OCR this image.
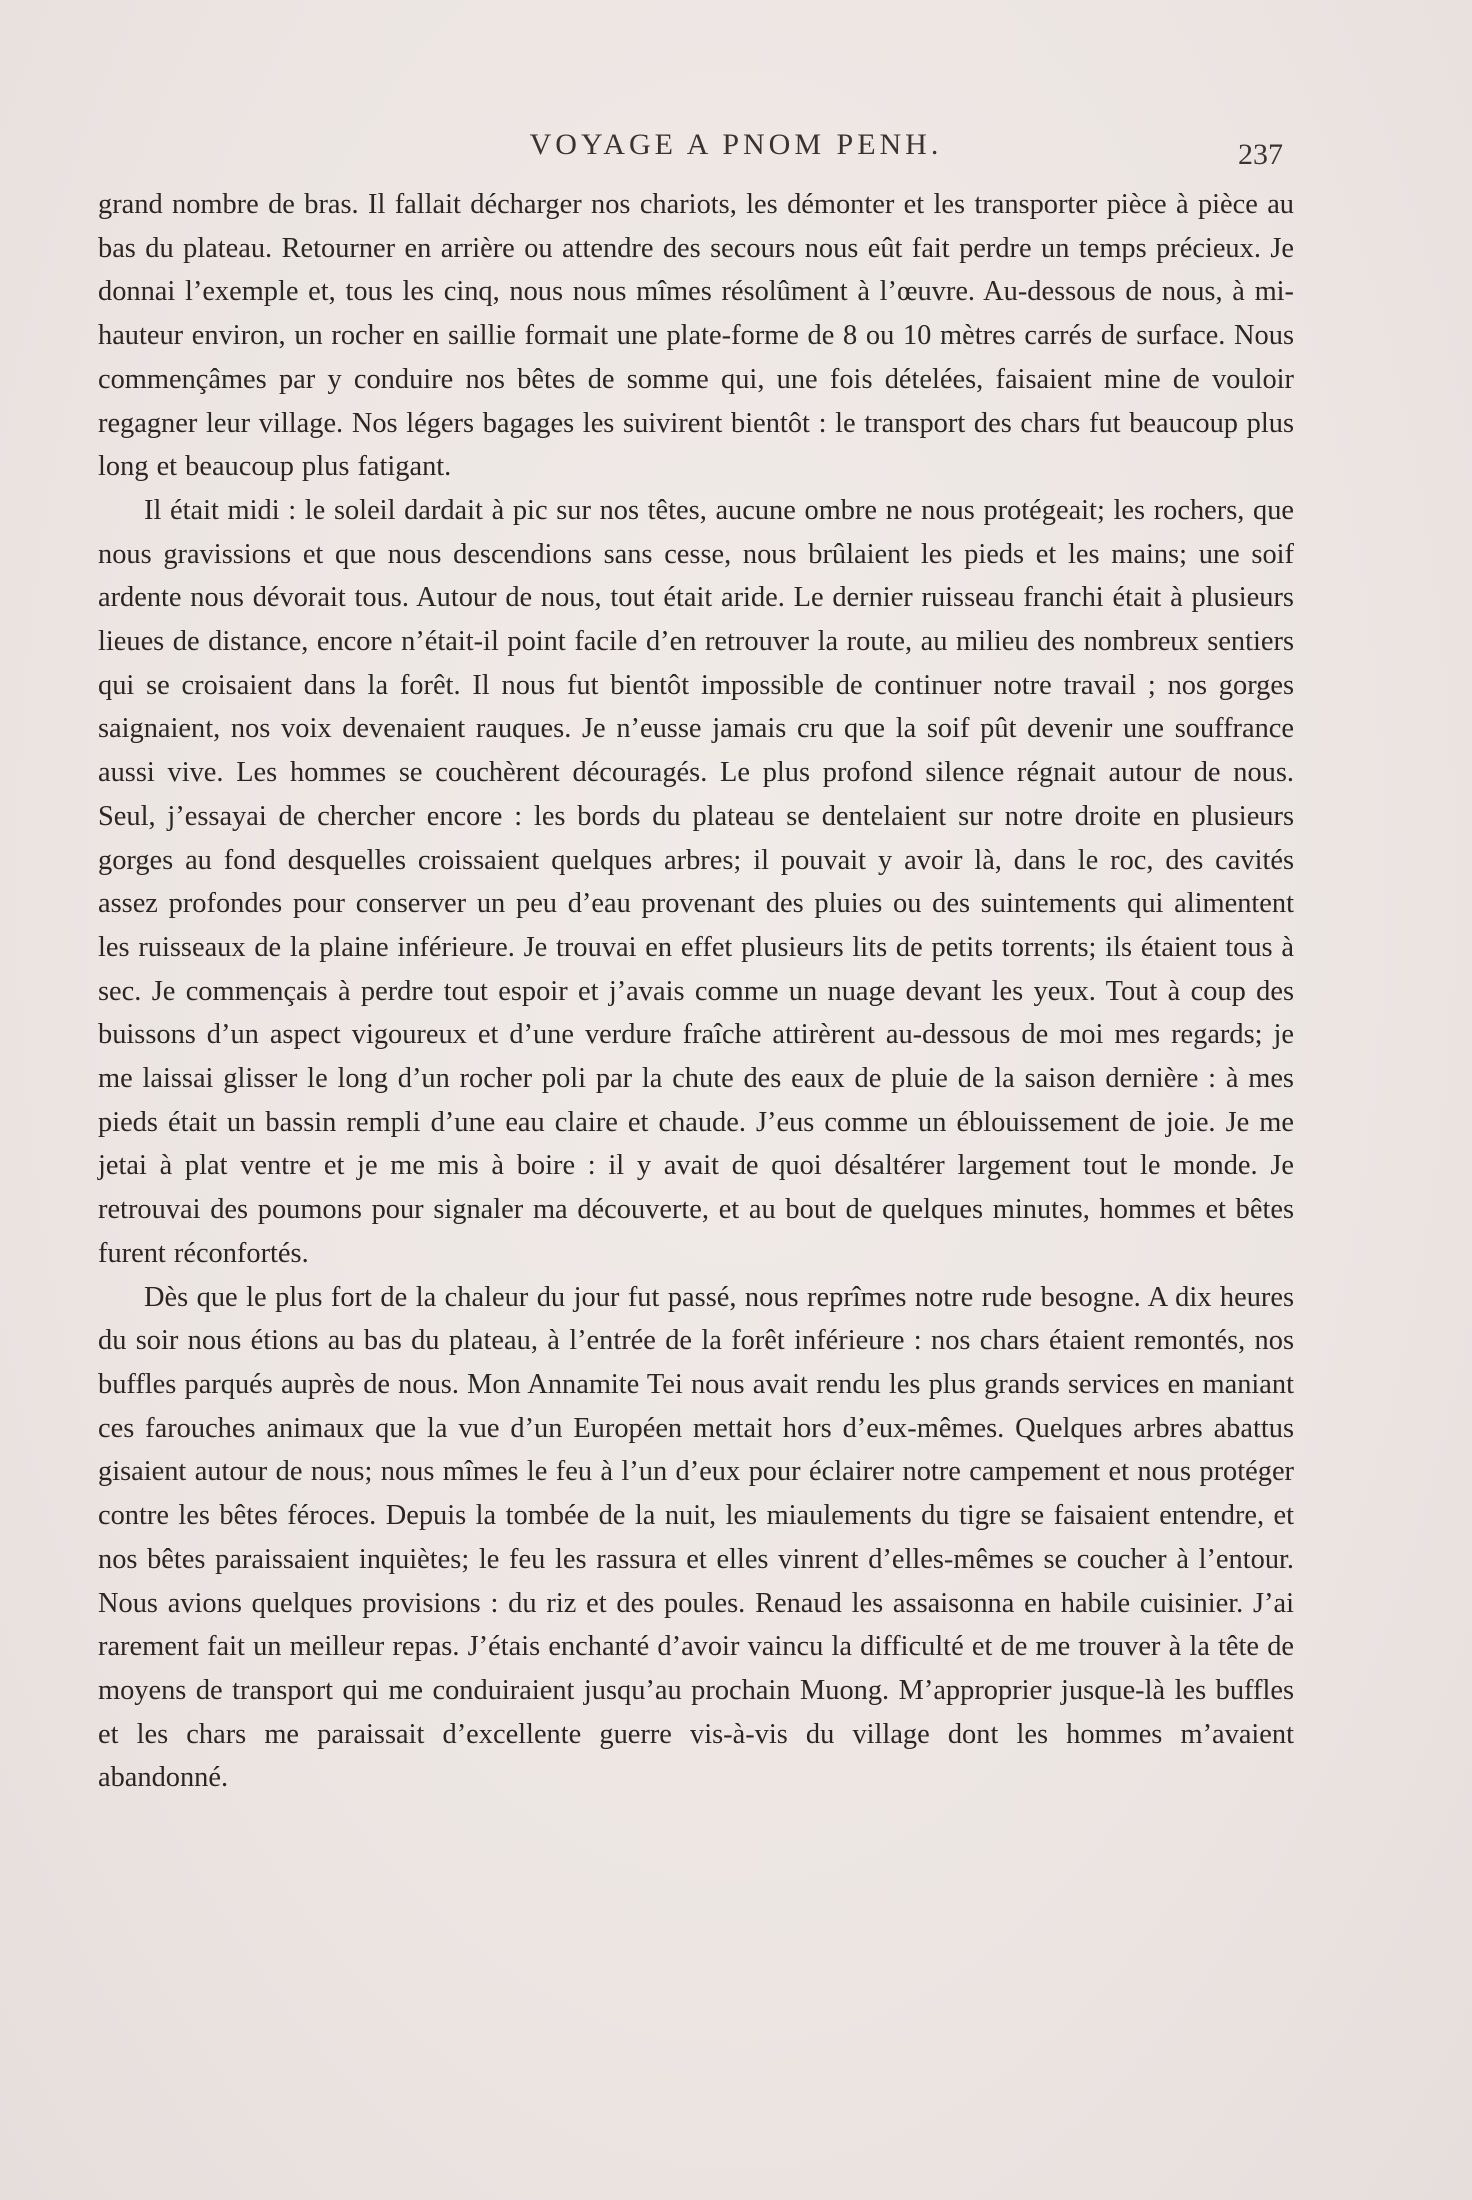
VOYAGE A PNOM PENH.	237

grand nombre de bras. Il fallait décharger nos chariots, les démonter et les transporter pièce à pièce au bas du plateau. Retourner en arrière ou attendre des secours nous eût fait perdre un temps précieux. Je donnai l’exemple et, tous les cinq, nous nous mîmes résolûment à l’œuvre. Au-dessous de nous, à mi-hauteur environ, un rocher en saillie formait une plate-forme de 8 ou 10 mètres carrés de surface. Nous commençâmes par y conduire nos bêtes de somme qui, une fois dételées, faisaient mine de vouloir regagner leur village. Nos légers bagages les suivirent bientôt : le transport des chars fut beaucoup plus long et beaucoup plus fatigant.

Il était midi : le soleil dardait à pic sur nos têtes, aucune ombre ne nous protégeait; les rochers, que nous gravissions et que nous descendions sans cesse, nous brûlaient les pieds et les mains; une soif ardente nous dévorait tous. Autour de nous, tout était aride. Le dernier ruisseau franchi était à plusieurs lieues de distance, encore n’était-il point facile d’en retrouver la route, au milieu des nombreux sentiers qui se croisaient dans la forêt. Il nous fut bientôt impossible de continuer notre travail ; nos gorges saignaient, nos voix devenaient rauques. Je n’eusse jamais cru que la soif pût devenir une souffrance aussi vive. Les hommes se couchèrent découragés. Le plus profond silence régnait autour de nous. Seul, j’essayai de chercher encore : les bords du plateau se dentelaient sur notre droite en plusieurs gorges au fond desquelles croissaient quelques arbres; il pouvait y avoir là, dans le roc, des cavités assez profondes pour conserver un peu d’eau provenant des pluies ou des suintements qui alimentent les ruisseaux de la plaine inférieure. Je trouvai en effet plusieurs lits de petits torrents; ils étaient tous à sec. Je commençais à perdre tout espoir et j’avais comme un nuage devant les yeux. Tout à coup des buissons d’un aspect vigoureux et d’une verdure fraîche attirèrent au-dessous de moi mes regards; je me laissai glisser le long d’un rocher poli par la chute des eaux de pluie de la saison dernière : à mes pieds était un bassin rempli d’une eau claire et chaude. J’eus comme un éblouissement de joie. Je me jetai à plat ventre et je me mis à boire : il y avait de quoi désaltérer largement tout le monde. Je retrouvai des poumons pour signaler ma découverte, et au bout de quelques minutes, hommes et bêtes furent réconfortés.

Dès que le plus fort de la chaleur du jour fut passé, nous reprîmes notre rude besogne. A dix heures du soir nous étions au bas du plateau, à l’entrée de la forêt inférieure : nos chars étaient remontés, nos buffles parqués auprès de nous. Mon Annamite Tei nous avait rendu les plus grands services en maniant ces farouches animaux que la vue d’un Européen mettait hors d’eux-mêmes. Quelques arbres abattus gisaient autour de nous; nous mîmes le feu à l’un d’eux pour éclairer notre campement et nous protéger contre les bêtes féroces. Depuis la tombée de la nuit, les miaulements du tigre se faisaient entendre, et nos bêtes paraissaient inquiètes; le feu les rassura et elles vinrent d’elles-mêmes se coucher à l’entour. Nous avions quelques provisions : du riz et des poules. Renaud les assaisonna en habile cuisinier. J’ai rarement fait un meilleur repas. J’étais enchanté d’avoir vaincu la difficulté et de me trouver à la tête de moyens de transport qui me conduiraient jusqu’au prochain Muong. M’approprier jusque-là les buffles et les chars me paraissait d’excellente guerre vis-à-vis du village dont les hommes m’avaient abandonné.
